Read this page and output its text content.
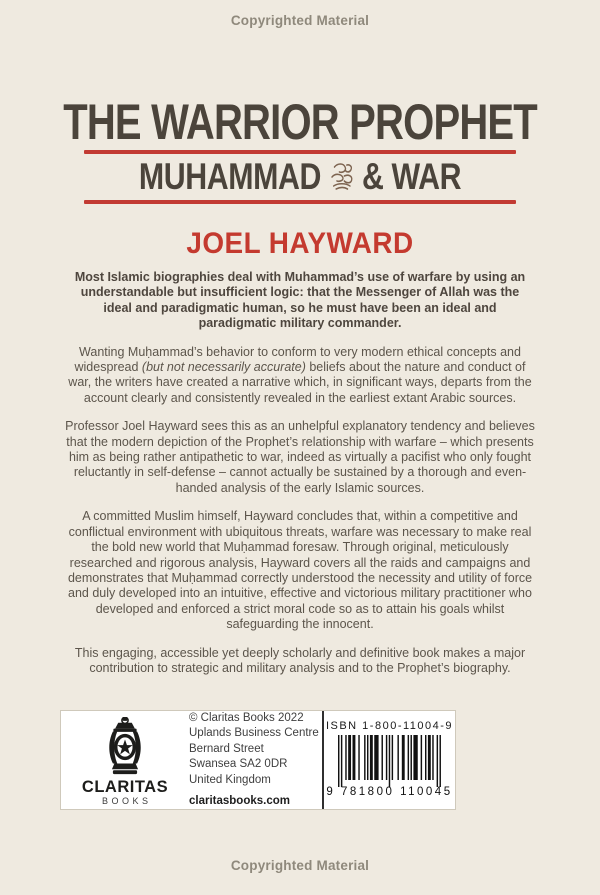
Copyrighted Material
THE WARRIOR PROPHET
MUHAMMAD & WAR
JOEL HAYWARD

Most Islamic biographies deal with Muhammad’s use of warfare by using an understandable but insufficient logic: that the Messenger of Allah was the ideal and paradigmatic human, so he must have been an ideal and paradigmatic military commander.

Wanting Muḥammad’s behavior to conform to very modern ethical concepts and widespread (but not necessarily accurate) beliefs about the nature and conduct of war, the writers have created a narrative which, in significant ways, departs from the account clearly and consistently revealed in the earliest extant Arabic sources.

Professor Joel Hayward sees this as an unhelpful explanatory tendency and believes that the modern depiction of the Prophet’s relationship with warfare – which presents him as being rather antipathetic to war, indeed as virtually a pacifist who only fought reluctantly in self-defense – cannot actually be sustained by a thorough and even-handed analysis of the early Islamic sources.

A committed Muslim himself, Hayward concludes that, within a competitive and conflictual environment with ubiquitous threats, warfare was necessary to make real the bold new world that Muḥammad foresaw. Through original, meticulously researched and rigorous analysis, Hayward covers all the raids and campaigns and demonstrates that Muḥammad correctly understood the necessity and utility of force and duly developed into an intuitive, effective and victorious military practitioner who developed and enforced a strict moral code so as to attain his goals whilst safeguarding the innocent.

This engaging, accessible yet deeply scholarly and definitive book makes a major contribution to strategic and military analysis and to the Prophet’s biography.

CLARITAS
BOOKS
© Claritas Books 2022
Uplands Business Centre
Bernard Street
Swansea SA2 0DR
United Kingdom
claritasbooks.com
ISBN 1-800-11004-9
9 781800 110045
Copyrighted Material
